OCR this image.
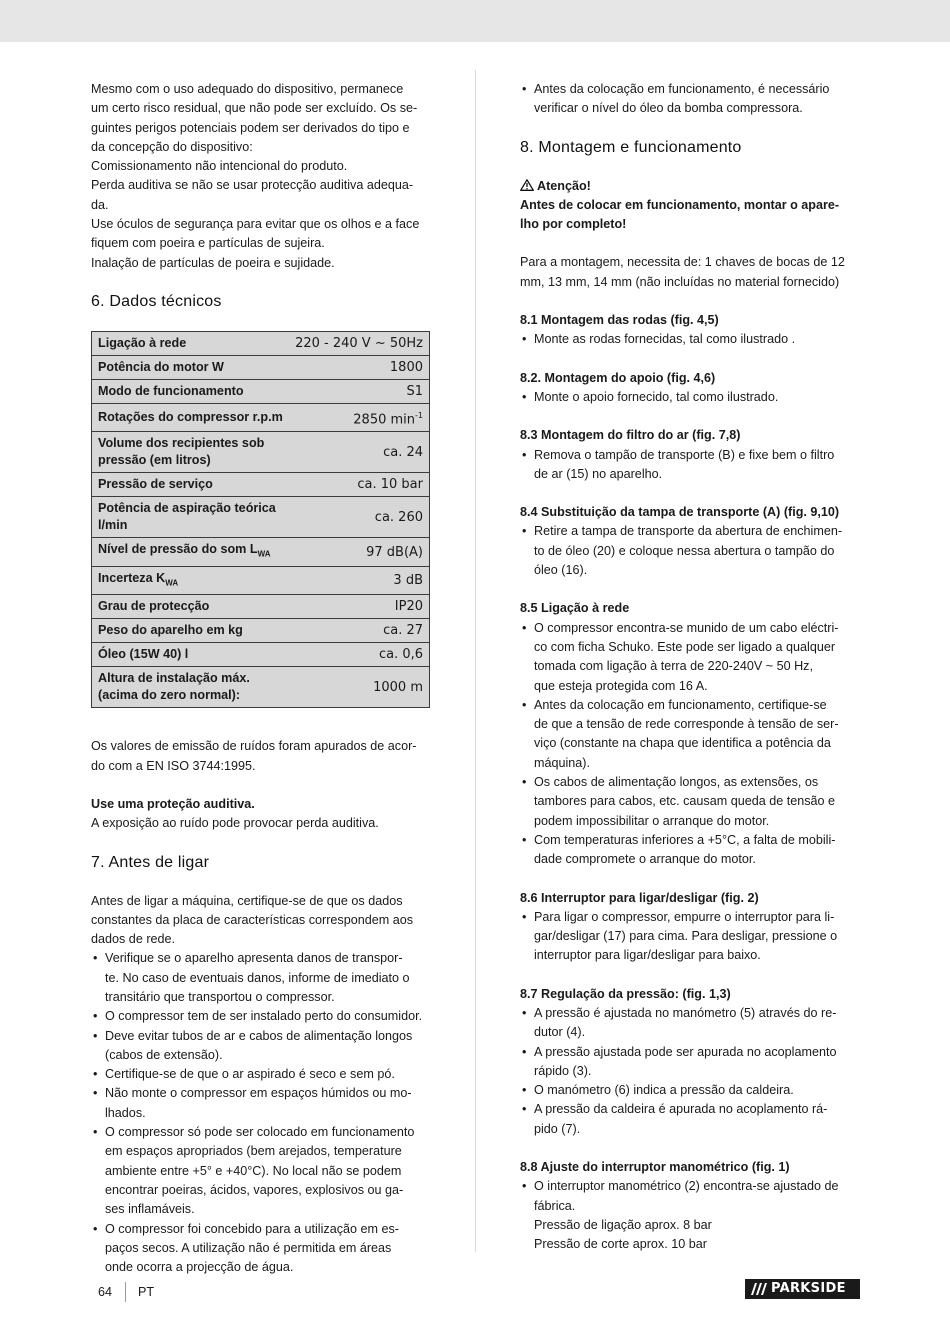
Mesmo com o uso adequado do dispositivo, permanece

um certo risco residual, que não pode ser excluído. Os se-

guintes perigos potenciais podem ser derivados do tipo e

da concepção do dispositivo:

Comissionamento não intencional do produto.

Perda auditiva se não se usar protecção auditiva adequa-

da.

Use óculos de segurança para evitar que os olhos e a face

fiquem com poeira e partículas de sujeira.

Inalação de partículas de poeira e sujidade.

6. Dados técnicos
Ligação à rede	220 - 240 V ~ 50Hz
Potência do motor W	1800
Modo de funcionamento	S1
Rotações do compressor r.p.m	2850 $\min^{-1}$
Volume dos recipientes sob
pressão (em litros)	ca. 24
Pressão de serviço	ca. 10 bar
Potência de aspiração teórica l/min	ca. 260
Nível de pressão do som $L_{WA}$	97 dB(A)
Incerteza $K_{WA}$	3 dB
Grau de protecção	IP20
Peso do aparelho em kg	ca. 27
Óleo (15W 40) l	ca. 0,6
Altura de instalação máx.
(acima do zero normal):	1000 m

Os valores de emissão de ruídos foram apurados de acor-

do com a EN ISO 3744:1995.

Use uma proteção auditiva.

A exposição ao ruído pode provocar perda auditiva.

7. Antes de ligar

Antes de ligar a máquina, certifique-se de que os dados

constantes da placa de características correspondem aos

dados de rede.

• Verifique se o aparelho apresenta danos de transpor-
te. No caso de eventuais danos, informe de imediato o
transitário que transportou o compressor.
• O compressor tem de ser instalado perto do consumidor.
• Deve evitar tubos de ar e cabos de alimentação longos
(cabos de extensão).
• Certifique-se de que o ar aspirado é seco e sem pó.
• Não monte o compressor em espaços húmidos ou mo-
lhados.
• O compressor só pode ser colocado em funcionamento
em espaços apropriados (bem arejados, temperature
ambiente entre +5° e +40°C). No local não se podem
encontrar poeiras, ácidos, vapores, explosivos ou ga-
ses inflamáveis.
• O compressor foi concebido para a utilização em es-
paços secos. A utilização não é permitida em áreas
onde ocorra a projecção de água.
• Antes da colocação em funcionamento, é necessário
verificar o nível do óleo da bomba compressora.
8. Montagem e funcionamento

Atenção!

Antes de colocar em funcionamento, montar o apare-

lho por completo!

Para a montagem, necessita de: 1 chaves de bocas de 12

mm, 13 mm, 14 mm (não incluídas no material fornecido)

8.1 Montagem das rodas (fig. 4,5)

• Monte as rodas fornecidas, tal como ilustrado .

8.2. Montagem do apoio (fig. 4,6)

• Monte o apoio fornecido, tal como ilustrado.

8.3 Montagem do filtro do ar (fig. 7,8)

• Remova o tampão de transporte (B) e fixe bem o filtro
de ar (15) no aparelho.

8.4 Substituição da tampa de transporte (A) (fig. 9,10)

• Retire a tampa de transporte da abertura de enchimen-
to de óleo (20) e coloque nessa abertura o tampão do
óleo (16).

8.5 Ligação à rede

• O compressor encontra-se munido de um cabo eléctri-
co com ficha Schuko. Este pode ser ligado a qualquer
tomada com ligação à terra de 220-240V ~ 50 Hz,
que esteja protegida com 16 A.
• Antes da colocação em funcionamento, certifique-se
de que a tensão de rede corresponde à tensão de ser-
viço (constante na chapa que identifica a potência da
máquina).
• Os cabos de alimentação longos, as extensões, os
tambores para cabos, etc. causam queda de tensão e
podem impossibilitar o arranque do motor.
• Com temperaturas inferiores a +5°C, a falta de mobili-
dade compromete o arranque do motor.

8.6 Interruptor para ligar/desligar (fig. 2)

• Para ligar o compressor, empurre o interruptor para li-
gar/desligar (17) para cima. Para desligar, pressione o
interruptor para ligar/desligar para baixo.

8.7 Regulação da pressão: (fig. 1,3)

• A pressão é ajustada no manómetro (5) através do re-
dutor (4).
• A pressão ajustada pode ser apurada no acoplamento
rápido (3).
• O manómetro (6) indica a pressão da caldeira.
• A pressão da caldeira é apurada no acoplamento rá-
pido (7).

8.8 Ajuste do interruptor manométrico (fig. 1)

• O interruptor manométrico (2) encontra-se ajustado de
fábrica.
Pressão de ligação aprox. 8 bar
Pressão de corte aprox. 10 bar
64 PT	PARKSIDE
